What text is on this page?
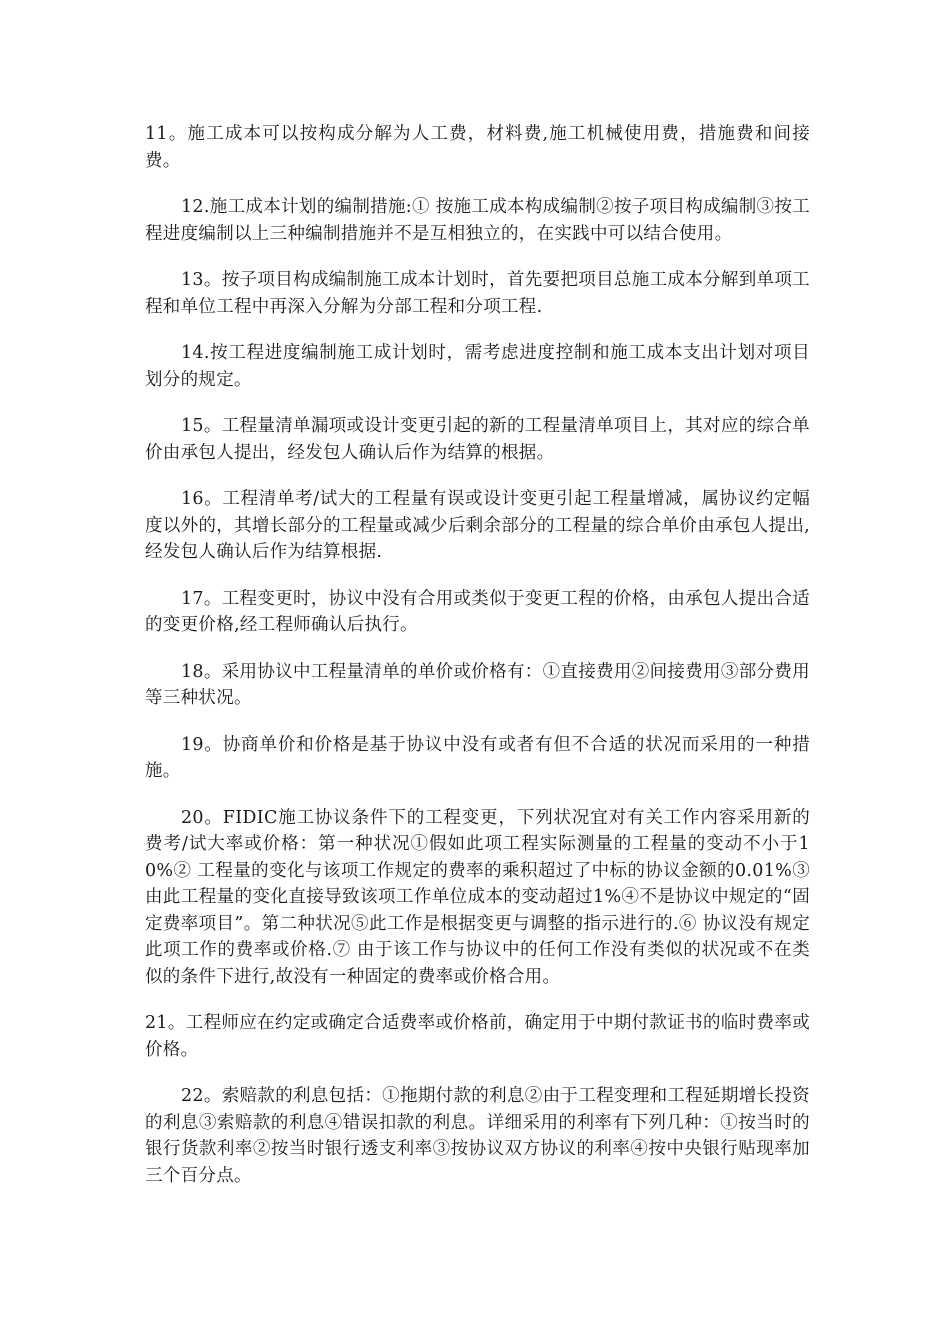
11。施工成本可以按构成分解为人工费，材料费,施工机械使用费，措施费和间接费。

12.施工成本计划的编制措施:① 按施工成本构成编制②按子项目构成编制③按工程进度编制以上三种编制措施并不是互相独立的，在实践中可以结合使用。

13。按子项目构成编制施工成本计划时，首先要把项目总施工成本分解到单项工程和单位工程中再深入分解为分部工程和分项工程.

14.按工程进度编制施工成计划时，需考虑进度控制和施工成本支出计划对项目划分的规定。

15。工程量清单漏项或设计变更引起的新的工程量清单项目上，其对应的综合单价由承包人提出，经发包人确认后作为结算的根据。

16。工程清单考/试大的工程量有误或设计变更引起工程量增减，属协议约定幅度以外的，其增长部分的工程量或减少后剩余部分的工程量的综合单价由承包人提出,经发包人确认后作为结算根据.

17。工程变更时，协议中没有合用或类似于变更工程的价格，由承包人提出合适的变更价格,经工程师确认后执行。

18。采用协议中工程量清单的单价或价格有：①直接费用②间接费用③部分费用等三种状况。

19。协商单价和价格是基于协议中没有或者有但不合适的状况而采用的一种措施。

20。FIDIC施工协议条件下的工程变更，下列状况宜对有关工作内容采用新的费考/试大率或价格：第一种状况①假如此项工程实际测量的工程量的变动不小于10%② 工程量的变化与该项工作规定的费率的乘积超过了中标的协议金额的0.01%③ 由此工程量的变化直接导致该项工作单位成本的变动超过1%④不是协议中规定的“固定费率项目”。第二种状况⑤此工作是根据变更与调整的指示进行的.⑥ 协议没有规定此项工作的费率或价格.⑦ 由于该工作与协议中的任何工作没有类似的状况或不在类似的条件下进行,故没有一种固定的费率或价格合用。

21。工程师应在约定或确定合适费率或价格前，确定用于中期付款证书的临时费率或价格。

22。索赔款的利息包括：①拖期付款的利息②由于工程变理和工程延期增长投资的利息③索赔款的利息④错误扣款的利息。详细采用的利率有下列几种：①按当时的银行货款利率②按当时银行透支利率③按协议双方协议的利率④按中央银行贴现率加三个百分点。
